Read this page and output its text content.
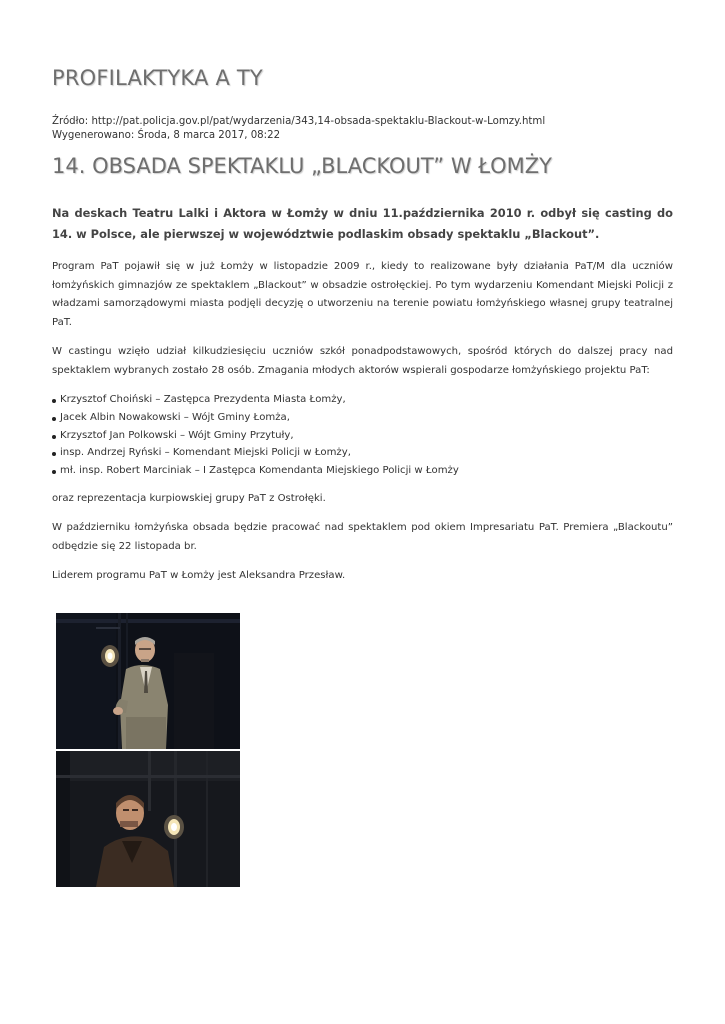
PROFILAKTYKA A TY
Źródło: http://pat.policja.gov.pl/pat/wydarzenia/343,14-obsada-spektaklu-Blackout-w-Lomzy.html
Wygenerowano: Środa, 8 marca 2017, 08:22
14. OBSADA SPEKTAKLU „BLACKOUT” W ŁOMŻY

Na deskach Teatru Lalki i Aktora w Łomży w dniu 11.października 2010 r. odbył się casting do 14. w Polsce, ale pierwszej w województwie podlaskim obsady spektaklu „Blackout”.

Program PaT pojawił się w już Łomży w listopadzie 2009 r., kiedy to realizowane były działania PaT/M dla uczniów łomżyńskich gimnazjów ze spektaklem „Blackout” w obsadzie ostrołęckiej. Po tym wydarzeniu Komendant Miejski Policji z władzami samorządowymi miasta podjęli decyzję o utworzeniu na terenie powiatu łomżyńskiego własnej grupy teatralnej PaT.

W castingu wzięło udział kilkudziesięciu uczniów szkół ponadpodstawowych, spośród których do dalszej pracy nad spektaklem wybranych zostało 28 osób. Zmagania młodych aktorów wspierali gospodarze łomżyńskiego projektu PaT:

Krzysztof Choiński – Zastępca Prezydenta Miasta Łomży,
Jacek Albin Nowakowski – Wójt Gminy Łomża,
Krzysztof Jan Polkowski – Wójt Gminy Przytuły,
insp. Andrzej Ryński – Komendant Miejski Policji w Łomży,
mł. insp. Robert Marciniak – I Zastępca Komendanta Miejskiego Policji w Łomży

oraz reprezentacja kurpiowskiej grupy PaT z Ostrołęki.

W październiku łomżyńska obsada będzie pracować nad spektaklem pod okiem Impresariatu PaT. Premiera „Blackoutu” odbędzie się 22 listopada br.

Liderem programu PaT w Łomży jest Aleksandra Przesław.
